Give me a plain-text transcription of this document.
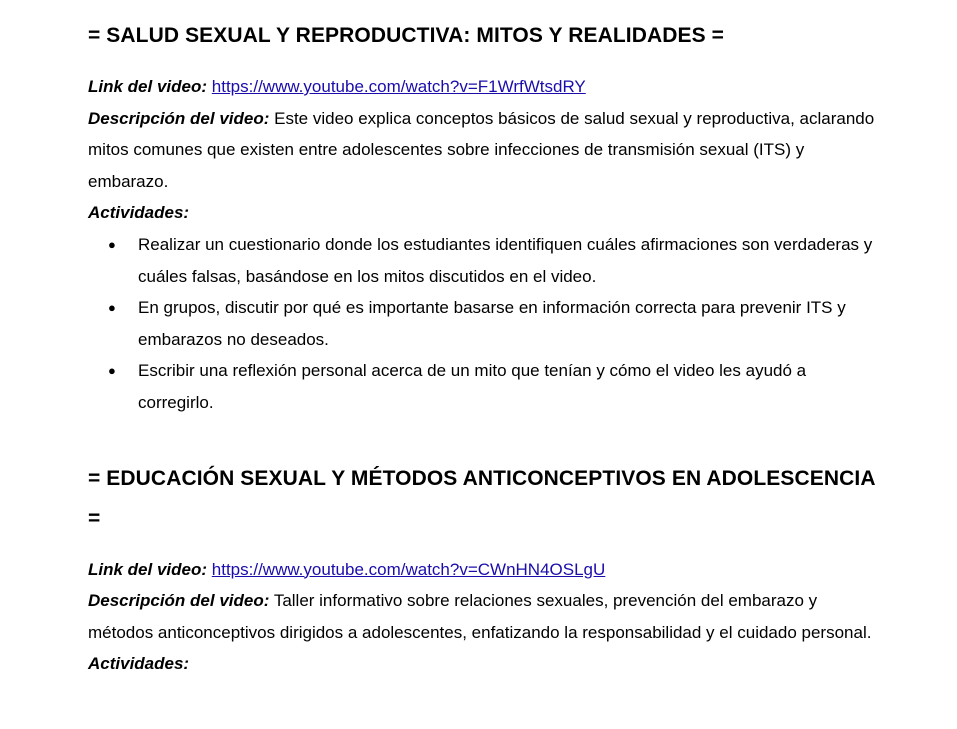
= SALUD SEXUAL Y REPRODUCTIVA: MITOS Y REALIDADES =

Link del video: https://www.youtube.com/watch?v=F1WrfWtsdRY

Descripción del video: Este video explica conceptos básicos de salud sexual y reproductiva, aclarando mitos comunes que existen entre adolescentes sobre infecciones de transmisión sexual (ITS) y embarazo.

Actividades:

● Realizar un cuestionario donde los estudiantes identifiquen cuáles afirmaciones son verdaderas y cuáles falsas, basándose en los mitos discutidos en el video.
● En grupos, discutir por qué es importante basarse en información correcta para prevenir ITS y embarazos no deseados.
● Escribir una reflexión personal acerca de un mito que tenían y cómo el video les ayudó a corregirlo.
= EDUCACIÓN SEXUAL Y MÉTODOS ANTICONCEPTIVOS EN ADOLESCENCIA =

Link del video: https://www.youtube.com/watch?v=CWnHN4OSLgU

Descripción del video: Taller informativo sobre relaciones sexuales, prevención del embarazo y métodos anticonceptivos dirigidos a adolescentes, enfatizando la responsabilidad y el cuidado personal.

Actividades:
